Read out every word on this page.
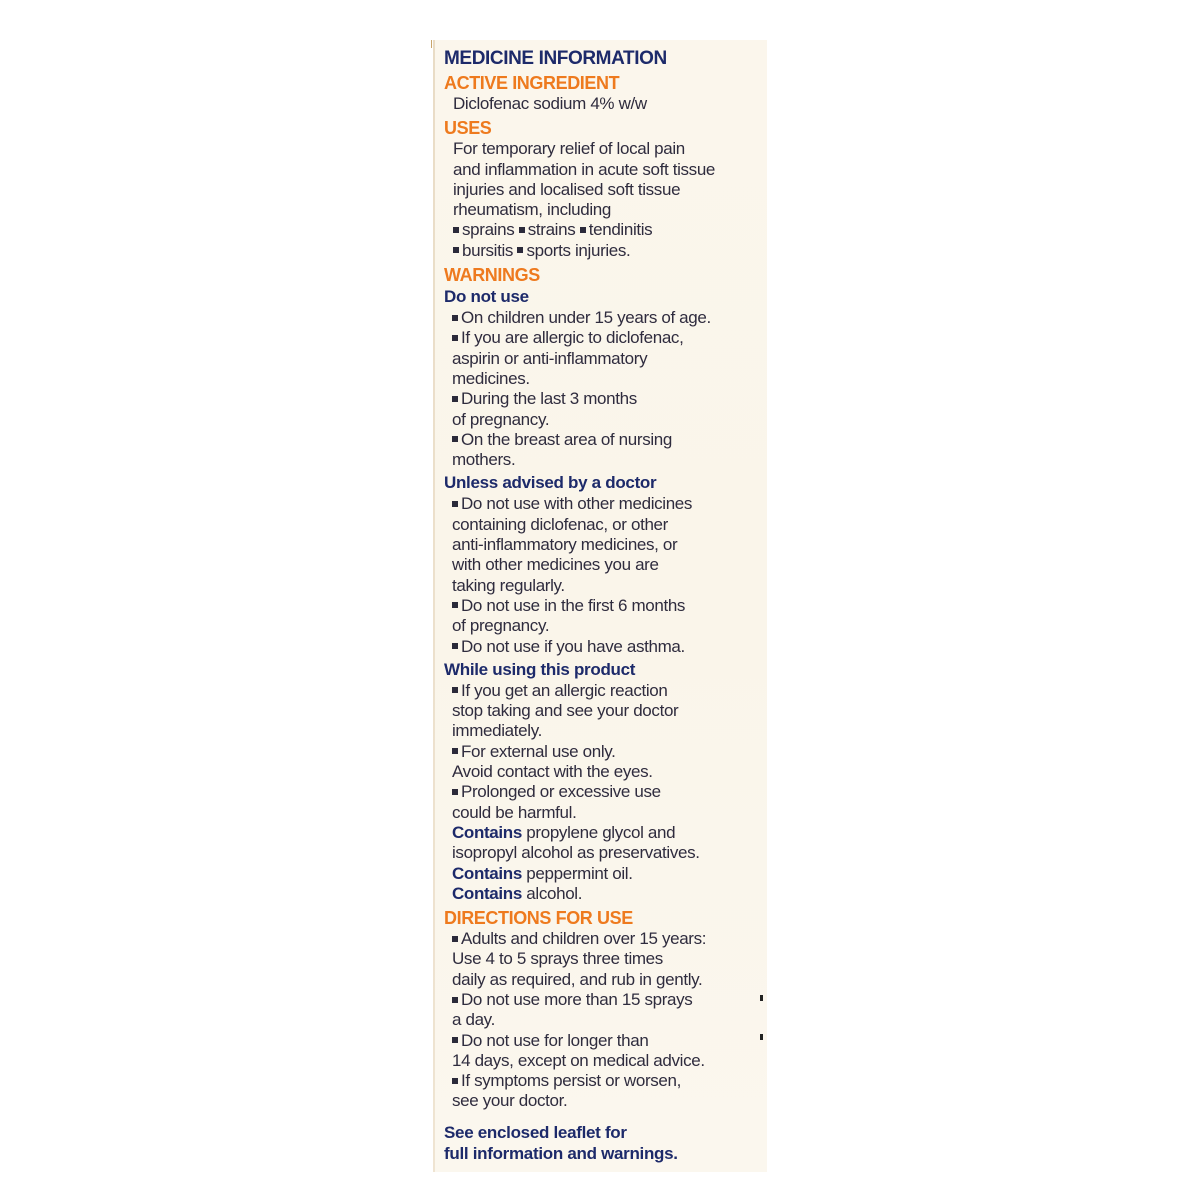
MEDICINE INFORMATION
ACTIVE INGREDIENT
Diclofenac sodium 4% w/w
USES
For temporary relief of local pain
and inflammation in acute soft tissue
injuries and localised soft tissue
rheumatism, including
sprains strains tendinitis
bursitis sports injuries.
WARNINGS
Do not use
On children under 15 years of age.
If you are allergic to diclofenac,
aspirin or anti-inflammatory
medicines.
During the last 3 months
of pregnancy.
On the breast area of nursing
mothers.
Unless advised by a doctor
Do not use with other medicines
containing diclofenac, or other
anti-inflammatory medicines, or
with other medicines you are
taking regularly.
Do not use in the first 6 months
of pregnancy.
Do not use if you have asthma.
While using this product
If you get an allergic reaction
stop taking and see your doctor
immediately.
For external use only.
Avoid contact with the eyes.
Prolonged or excessive use
could be harmful.
Contains propylene glycol and
isopropyl alcohol as preservatives.
Contains peppermint oil.
Contains alcohol.
DIRECTIONS FOR USE
Adults and children over 15 years:
Use 4 to 5 sprays three times
daily as required, and rub in gently.
Do not use more than 15 sprays
a day.
Do not use for longer than
14 days, except on medical advice.
If symptoms persist or worsen,
see your doctor.
See enclosed leaflet for
full information and warnings.
